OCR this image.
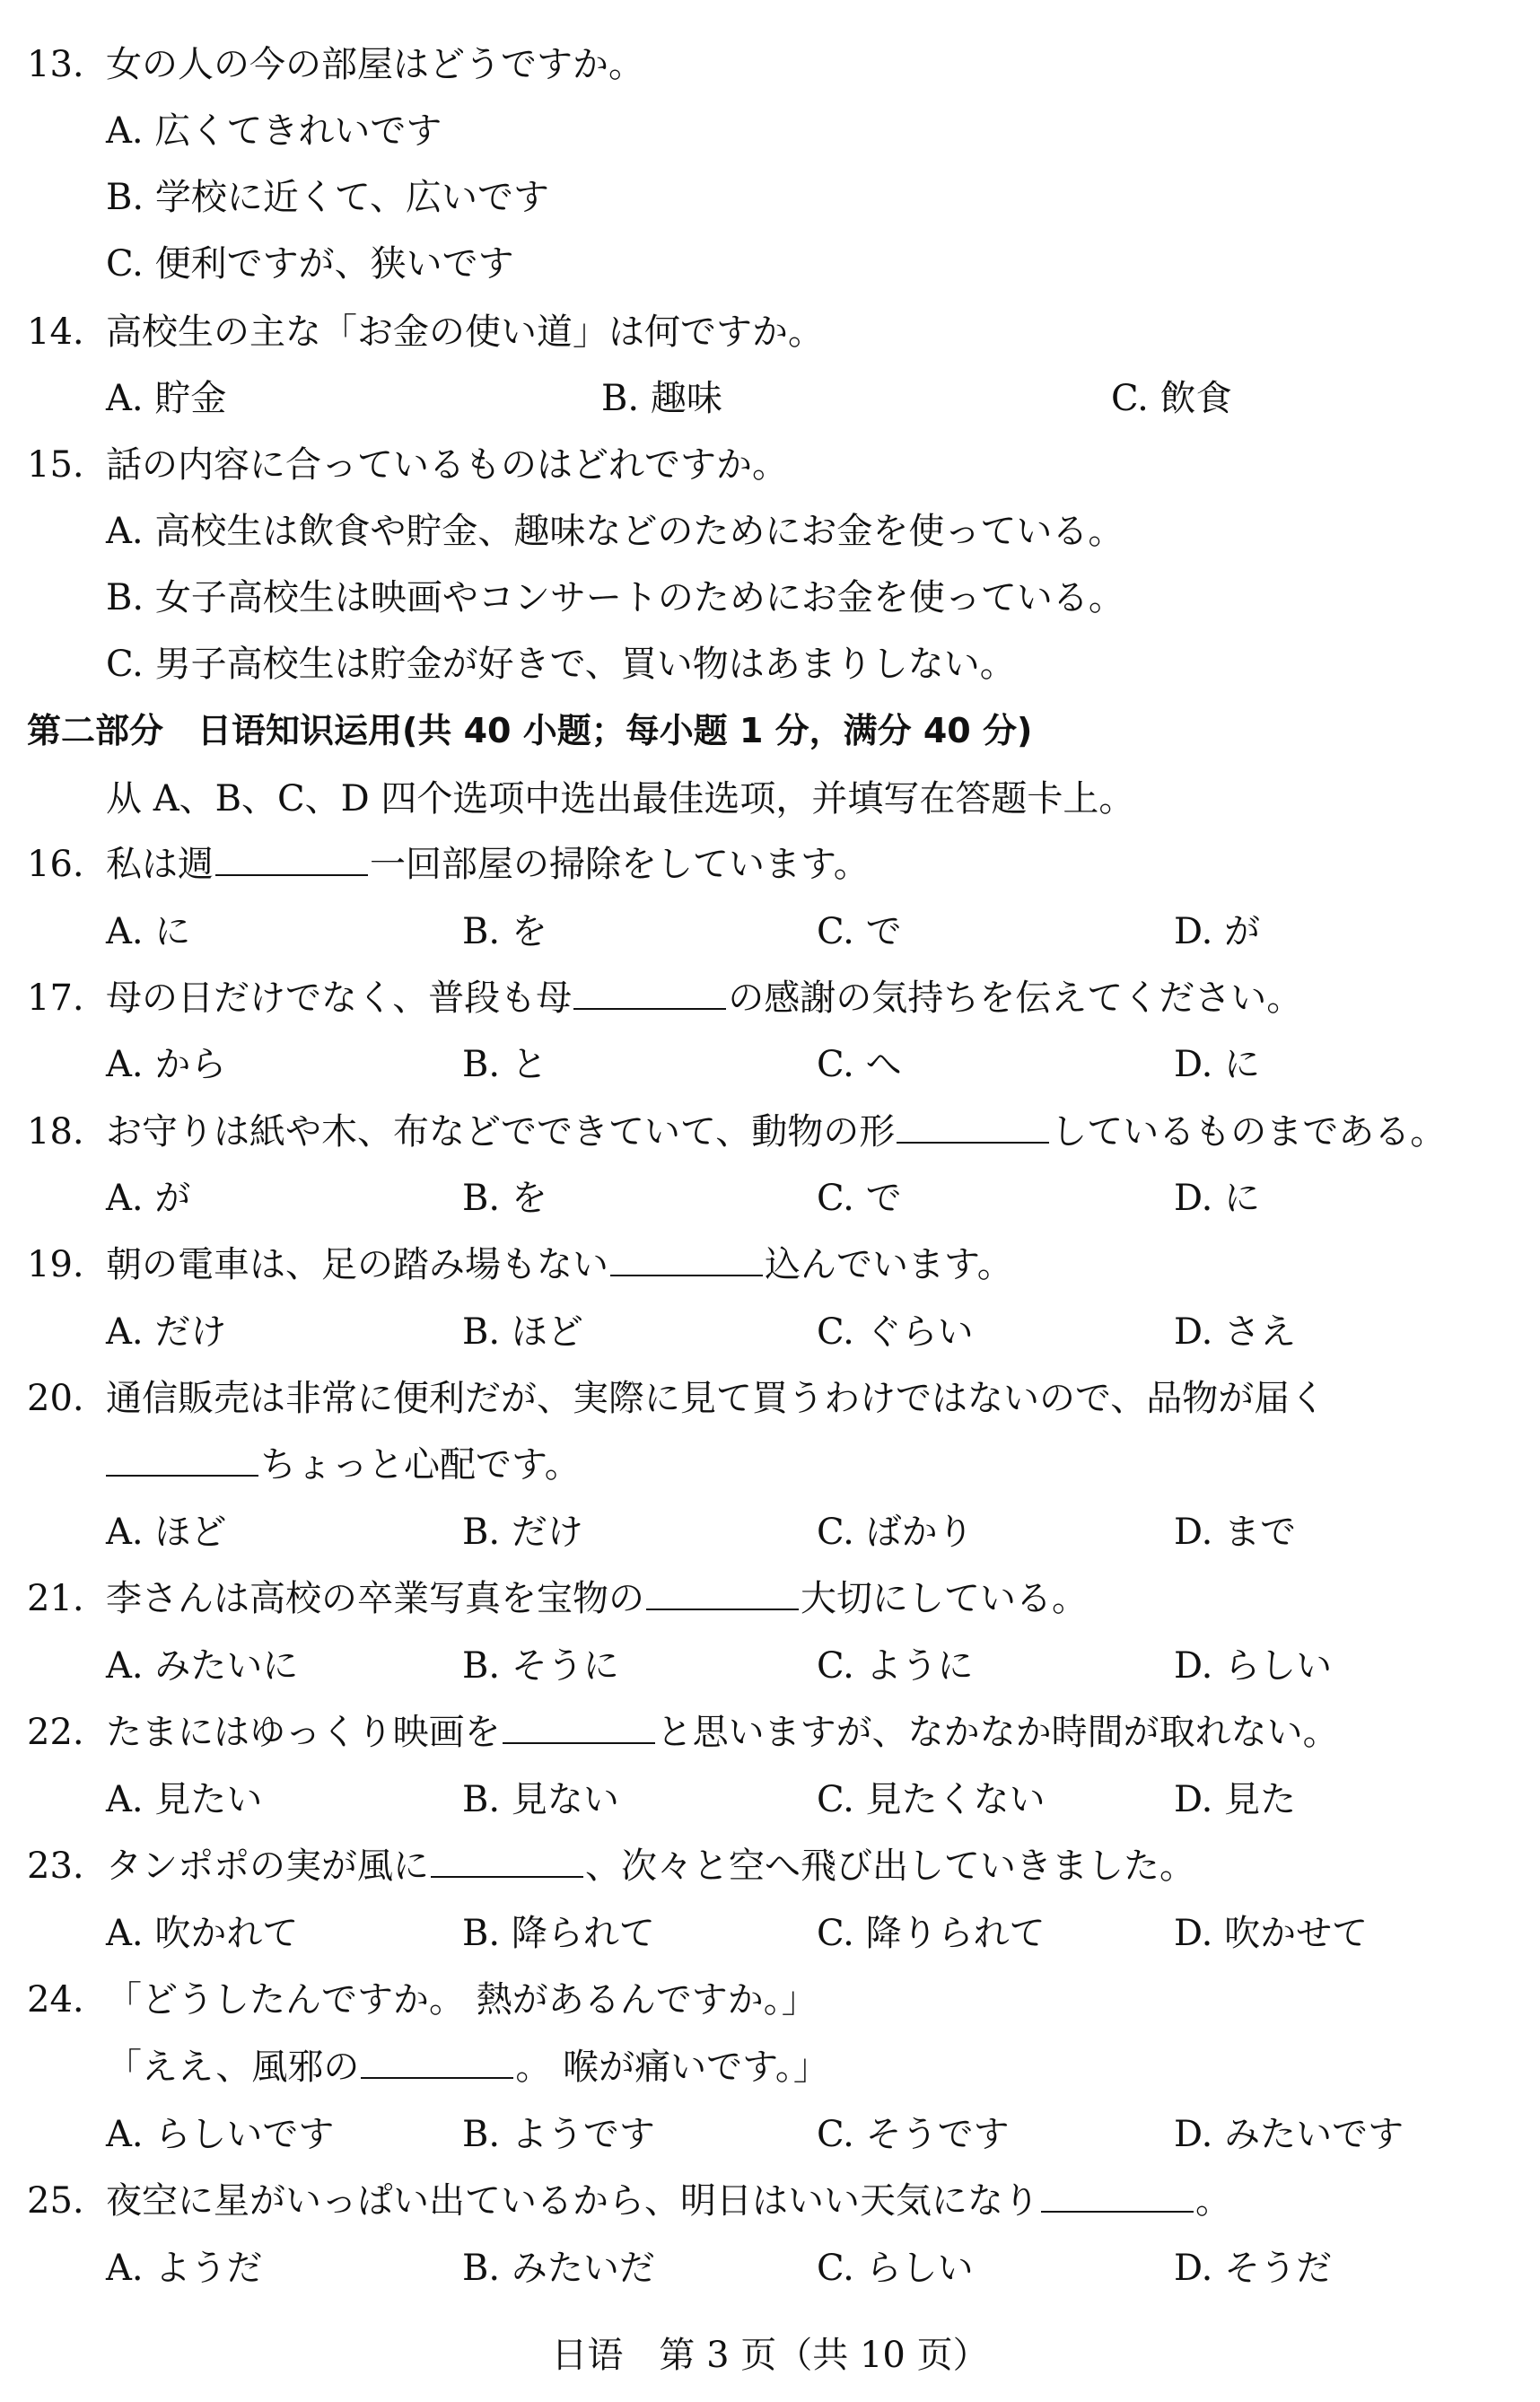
13. 女の人の今の部屋はどうですか。
A. 広くてきれいです
B. 学校に近くて、広いです
C. 便利ですが、狭いです
14. 高校生の主な「お金の使い道」は何ですか。
A. 貯金	B. 趣味	C. 飲食
15. 話の内容に合っているものはどれですか。
A. 高校生は飲食や貯金、趣味などのためにお金を使っている。
B. 女子高校生は映画やコンサートのためにお金を使っている。
C. 男子高校生は貯金が好きで、買い物はあまりしない。
第二部分　日语知识运用(共 40 小题；每小题 1 分，满分 40 分)
从 A、B、C、D 四个选项中选出最佳选项，并填写在答题卡上。
16. 私は週	一回部屋の掃除をしています。
A. に	B. を	C. で	D. が
17. 母の日だけでなく、普段も母	の感謝の気持ちを伝えてください。
A. から	B. と	C. へ	D. に
18. お守りは紙や木、布などでできていて、動物の形	しているものまである。
A. が	B. を	C. で	D. に
19. 朝の電車は、足の踏み場もない	込んでいます。
A. だけ	B. ほど	C. ぐらい	D. さえ
20. 通信販売は非常に便利だが、実際に見て買うわけではないので、品物が届く
ちょっと心配です。
A. ほど	B. だけ	C. ばかり	D. まで
21. 李さんは高校の卒業写真を宝物の	大切にしている。
A. みたいに	B. そうに	C. ように	D. らしい
22. たまにはゆっくり映画を	と思いますが、なかなか時間が取れない。
A. 見たい	B. 見ない	C. 見たくない	D. 見た
23. タンポポの実が風に	、次々と空へ飛び出していきました。
A. 吹かれて	B. 降られて	C. 降りられて	D. 吹かせて
24. 「どうしたんですか。 熱があるんですか。」
「ええ、風邪の	。 喉が痛いです。」
A. らしいです	B. ようです	C. そうです	D. みたいです
25. 夜空に星がいっぱい出ているから、明日はいい天気になり	。
A. ようだ	B. みたいだ	C. らしい	D. そうだ
日语　第 3 页（共 10 页）
